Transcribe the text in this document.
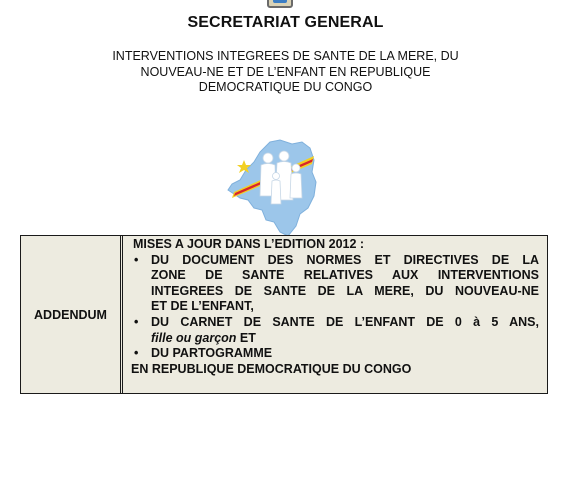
SECRETARIAT GENERAL
INTERVENTIONS INTEGREES DE SANTE DE LA MERE, DU
NOUVEAU-NE ET DE L’ENFANT EN REPUBLIQUE
DEMOCRATIQUE DU CONGO
ADDENDUM
MISES A JOUR DANS L’EDITION 2012 :
• DU DOCUMENT DES NORMES ET DIRECTIVES DE LA
ZONE DE SANTE RELATIVES AUX INTERVENTIONS
INTEGREES DE SANTE DE LA MERE, DU NOUVEAU-NE
ET DE L’ENFANT,
• DU CARNET DE SANTE DE L’ENFANT DE 0 à 5 ANS,
fille ou garçon ET
• DU PARTOGRAMME
EN REPUBLIQUE DEMOCRATIQUE DU CONGO
